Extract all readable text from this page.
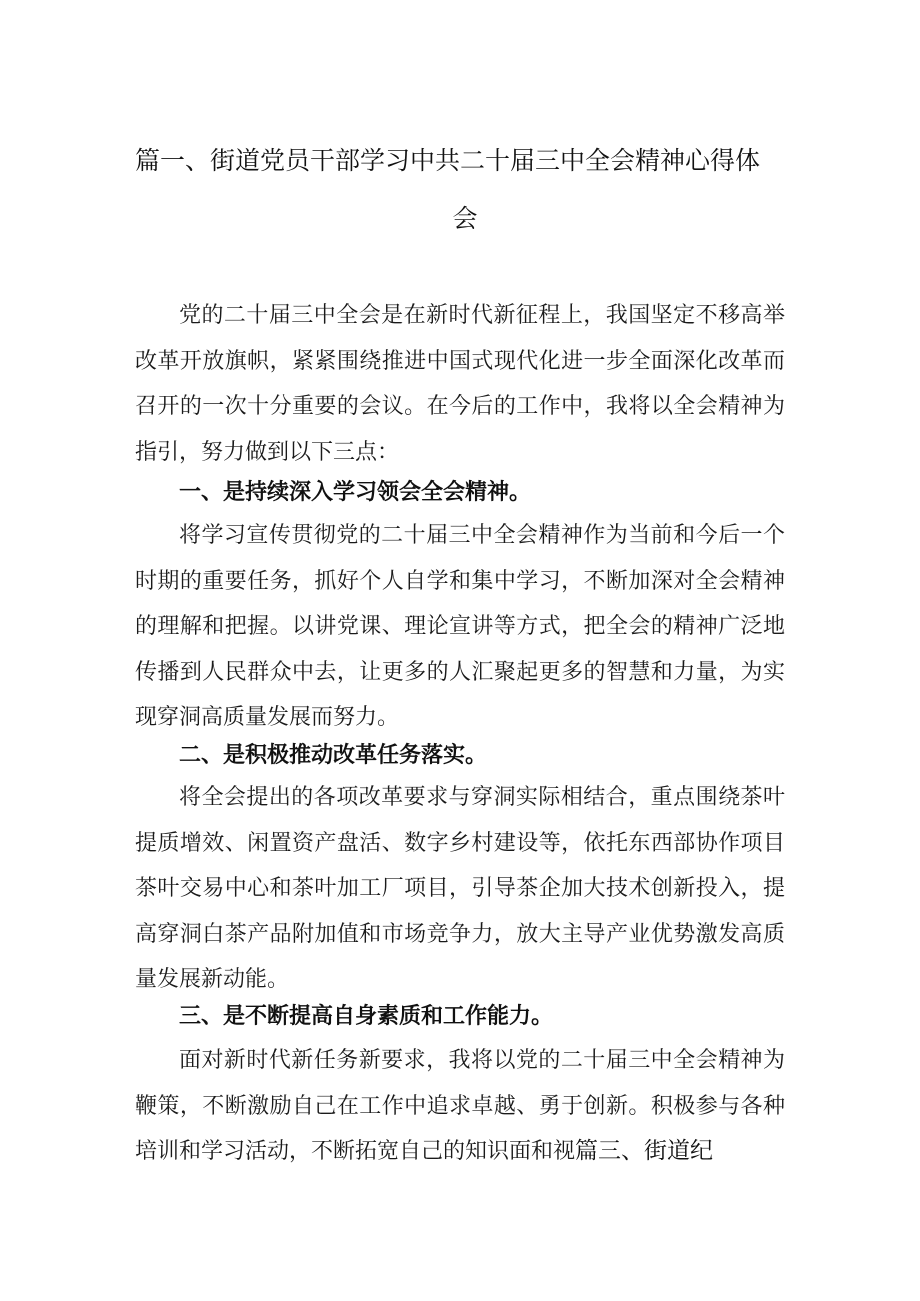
篇一、街道党员干部学习中共二十届三中全会精神心得体
会

党的二十届三中全会是在新时代新征程上，我国坚定不移高举改革开放旗帜，紧紧围绕推进中国式现代化进一步全面深化改革而召开的一次十分重要的会议。在今后的工作中，我将以全会精神为指引，努力做到以下三点：

一、是持续深入学习领会全会精神。

将学习宣传贯彻党的二十届三中全会精神作为当前和今后一个时期的重要任务，抓好个人自学和集中学习，不断加深对全会精神的理解和把握。以讲党课、理论宣讲等方式，把全会的精神广泛地传播到人民群众中去，让更多的人汇聚起更多的智慧和力量，为实现穿洞高质量发展而努力。

二、是积极推动改革任务落实。

将全会提出的各项改革要求与穿洞实际相结合，重点围绕茶叶提质增效、闲置资产盘活、数字乡村建设等，依托东西部协作项目茶叶交易中心和茶叶加工厂项目，引导茶企加大技术创新投入，提高穿洞白茶产品附加值和市场竞争力，放大主导产业优势激发高质量发展新动能。

三、是不断提高自身素质和工作能力。

面对新时代新任务新要求，我将以党的二十届三中全会精神为鞭策，不断激励自己在工作中追求卓越、勇于创新。积极参与各种培训和学习活动，不断拓宽自己的知识面和视篇三、街道纪
